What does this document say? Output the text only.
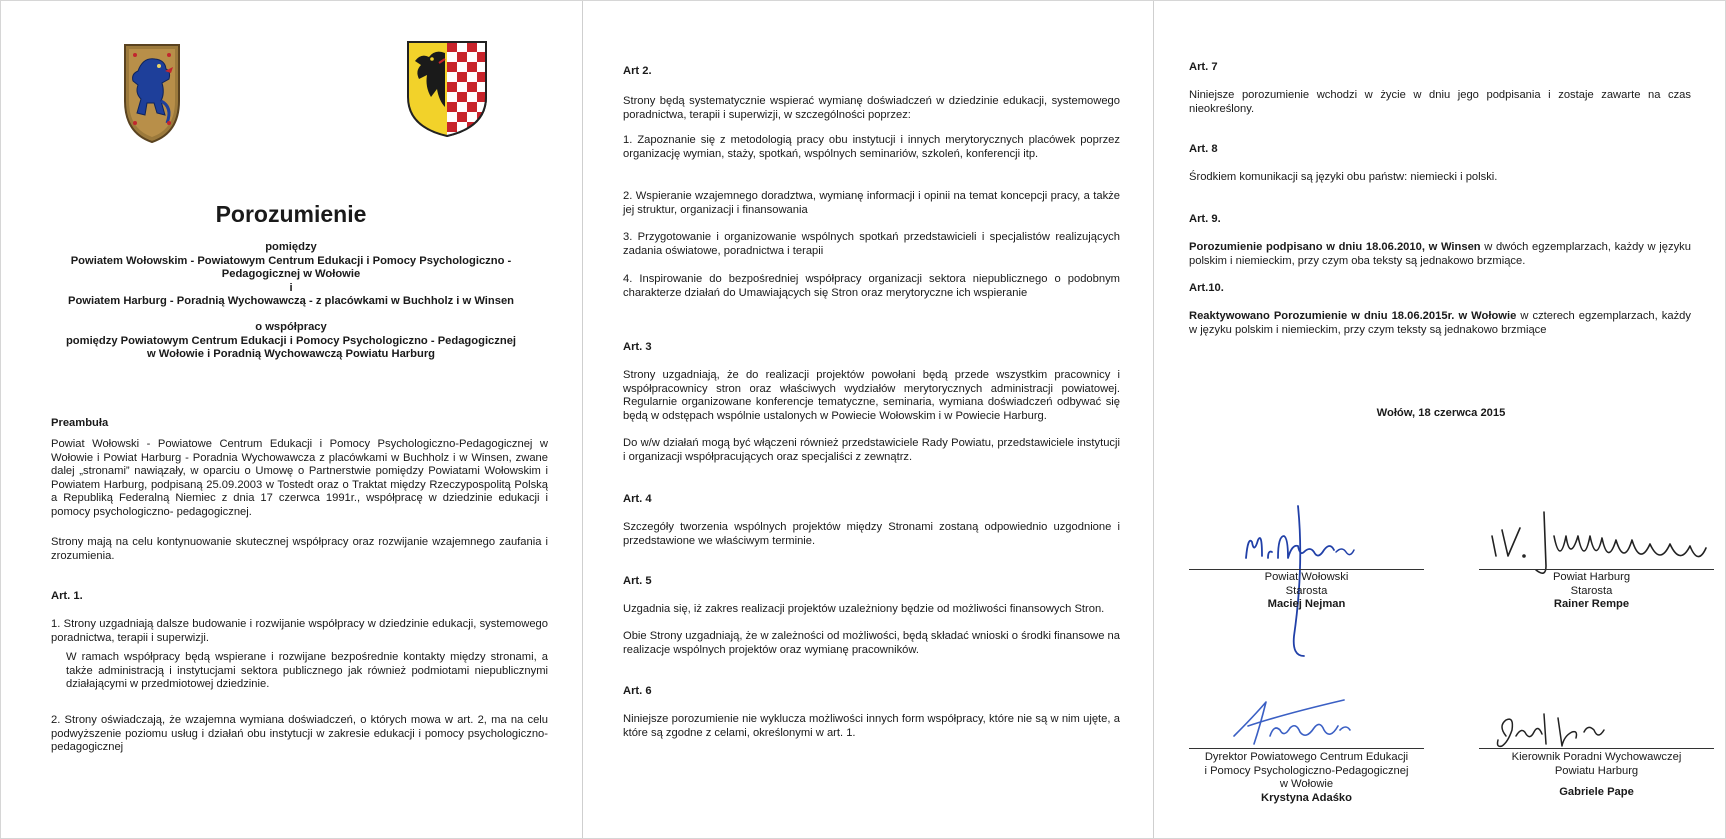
Porozumienie
pomiędzy
Powiatem Wołowskim - Powiatowym Centrum Edukacji i Pomocy Psychologiczno - Pedagogicznej w Wołowie
i
Powiatem Harburg - Poradnią Wychowawczą - z placówkami w Buchholz i w Winsen
o współpracy
pomiędzy Powiatowym Centrum Edukacji i Pomocy Psychologiczno - Pedagogicznej
w Wołowie i Poradnią Wychowawczą Powiatu Harburg
Preambuła

Powiat Wołowski - Powiatowe Centrum Edukacji i Pomocy Psychologiczno-Pedagogicznej w Wołowie i Powiat Harburg - Poradnia Wychowawcza z placówkami w Buchholz i w Winsen, zwane dalej „stronami” nawiązały, w oparciu o Umowę o Partnerstwie pomiędzy Powiatami Wołowskim i Powiatem Harburg, podpisaną 25.09.2003 w Tostedt oraz o Traktat między Rzeczypospolitą Polską a Republiką Federalną Niemiec z dnia 17 czerwca 1991r., współpracę w dziedzinie edukacji i pomocy psychologiczno- pedagogicznej.

Strony mają na celu kontynuowanie skutecznej współpracy oraz rozwijanie wzajemnego zaufania i zrozumienia.

Art. 1.

1. Strony uzgadniają dalsze budowanie i rozwijanie współpracy w dziedzinie edukacji, systemowego poradnictwa, terapii i superwizji.

W ramach współpracy będą wspierane i rozwijane bezpośrednie kontakty między stronami, a także administracją i instytucjami sektora publicznego jak również podmiotami niepublicznymi działającymi w przedmiotowej dziedzinie.

2. Strony oświadczają, że wzajemna wymiana doświadczeń, o których mowa w art. 2, ma na celu podwyższenie poziomu usług i działań obu instytucji w zakresie edukacji i pomocy psychologiczno-pedagogicznej

Art 2.

Strony będą systematycznie wspierać wymianę doświadczeń w dziedzinie edukacji, systemowego poradnictwa, terapii i superwizji, w szczególności poprzez:

1. Zapoznanie się z metodologią pracy obu instytucji i innych merytorycznych placówek poprzez organizację wymian, staży, spotkań, wspólnych seminariów, szkoleń, konferencji itp.

2. Wspieranie wzajemnego doradztwa, wymianę informacji i opinii na temat koncepcji pracy, a także jej struktur, organizacji i finansowania

3. Przygotowanie i organizowanie wspólnych spotkań przedstawicieli i specjalistów realizujących zadania oświatowe, poradnictwa i terapii

4. Inspirowanie do bezpośredniej współpracy organizacji sektora niepublicznego o podobnym charakterze działań do Umawiających się Stron oraz merytoryczne ich wspieranie

Art. 3

Strony uzgadniają, że do realizacji projektów powołani będą przede wszystkim pracownicy i współpracownicy stron oraz właściwych wydziałów merytorycznych administracji powiatowej. Regularnie organizowane konferencje tematyczne, seminaria, wymiana doświadczeń odbywać się będą w odstępach wspólnie ustalonych w Powiecie Wołowskim i w Powiecie Harburg.

Do w/w działań mogą być włączeni również przedstawiciele Rady Powiatu, przedstawiciele instytucji i organizacji współpracujących oraz specjaliści z zewnątrz.

Art. 4

Szczegóły tworzenia wspólnych projektów między Stronami zostaną odpowiednio uzgodnione i przedstawione we właściwym terminie.

Art. 5

Uzgadnia się, iż zakres realizacji projektów uzależniony będzie od możliwości finansowych Stron.

Obie Strony uzgadniają, że w zależności od możliwości, będą składać wnioski o środki finansowe na realizacje wspólnych projektów oraz wymianę pracowników.

Art. 6

Niniejsze porozumienie nie wyklucza możliwości innych form współpracy, które nie są w nim ujęte, a które są zgodne z celami, określonymi w art. 1.

Art. 7

Niniejsze porozumienie wchodzi w życie w dniu jego podpisania i zostaje zawarte na czas nieokreślony.

Art. 8

Środkiem komunikacji są języki obu państw: niemiecki i polski.

Art. 9.

Porozumienie podpisano w dniu 18.06.2010, w Winsen w dwóch egzemplarzach, każdy w języku polskim i niemieckim, przy czym oba teksty są jednakowo brzmiące.

Art.10.

Reaktywowano Porozumienie w dniu 18.06.2015r. w Wołowie w czterech egzemplarzach, każdy w języku polskim i niemieckim, przy czym teksty są jednakowo brzmiące

Wołów, 18 czerwca 2015
Powiat Wołowski
Starosta
Maciej Nejman
Powiat Harburg
Starosta
Rainer Rempe
Dyrektor Powiatowego Centrum Edukacji
i Pomocy Psychologiczno-Pedagogicznej
w Wołowie
Krystyna Adaśko
Kierownik Poradni Wychowawczej
Powiatu Harburg
Gabriele Pape
